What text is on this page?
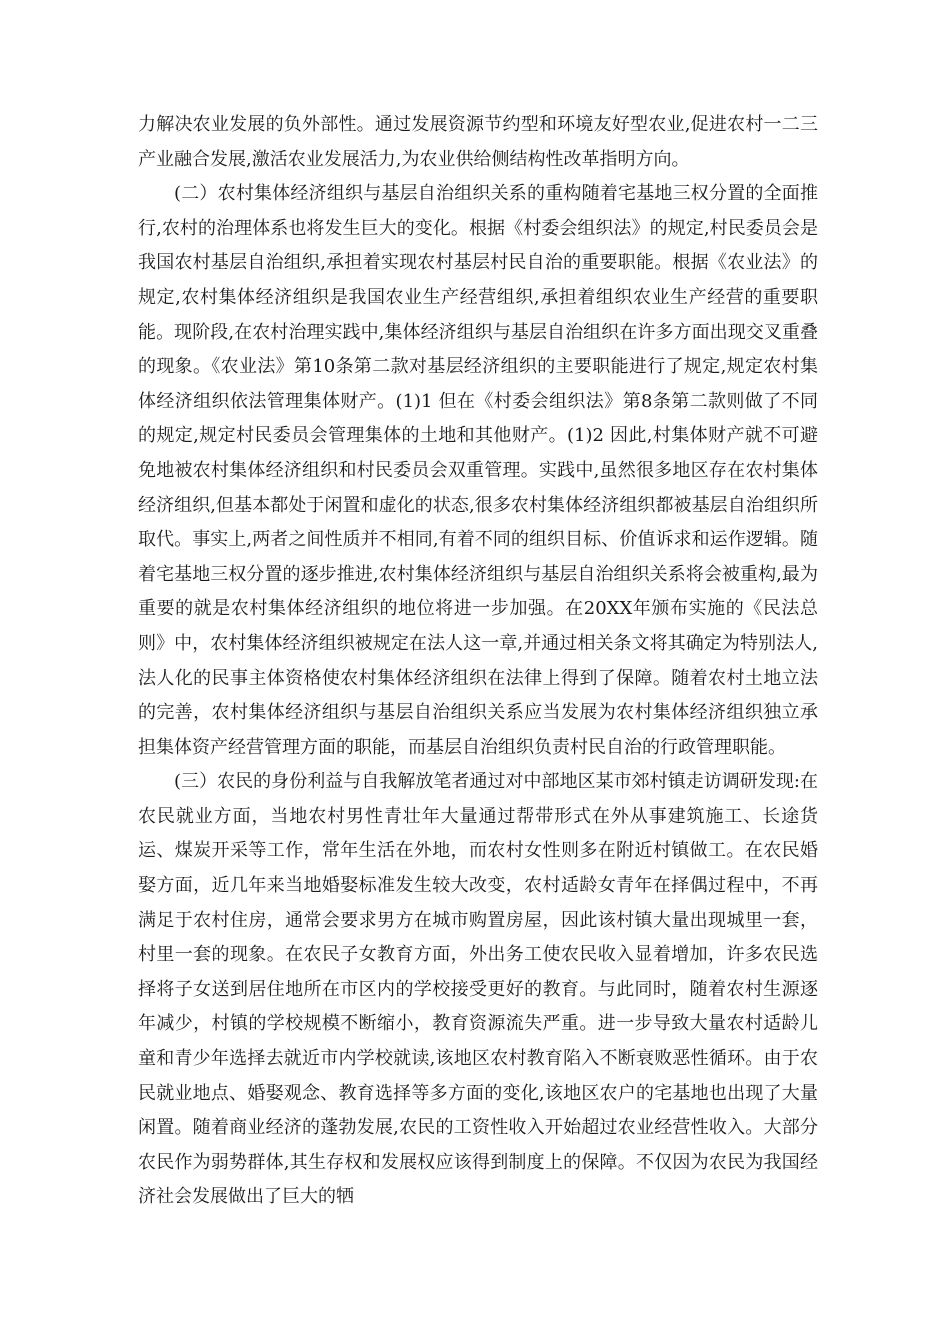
力解决农业发展的负外部性。通过发展资源节约型和环境友好型农业,促进农村一二三产业融合发展,激活农业发展活力,为农业供给侧结构性改革指明方向。

(二）农村集体经济组织与基层自治组织关系的重构随着宅基地三权分置的全面推行,农村的治理体系也将发生巨大的变化。根据《村委会组织法》的规定,村民委员会是我国农村基层自治组织,承担着实现农村基层村民自治的重要职能。根据《农业法》的规定,农村集体经济组织是我国农业生产经营组织,承担着组织农业生产经营的重要职能。现阶段,在农村治理实践中,集体经济组织与基层自治组织在许多方面出现交叉重叠的现象。《农业法》第10条第二款对基层经济组织的主要职能进行了规定,规定农村集体经济组织依法管理集体财产。(1)1 但在《村委会组织法》第8条第二款则做了不同的规定,规定村民委员会管理集体的土地和其他财产。(1)2 因此,村集体财产就不可避免地被农村集体经济组织和村民委员会双重管理。实践中,虽然很多地区存在农村集体经济组织,但基本都处于闲置和虚化的状态,很多农村集体经济组织都被基层自治组织所取代。事实上,两者之间性质并不相同,有着不同的组织目标、价值诉求和运作逻辑。随着宅基地三权分置的逐步推进,农村集体经济组织与基层自治组织关系将会被重构,最为重要的就是农村集体经济组织的地位将进一步加强。在20XX年颁布实施的《民法总则》中，农村集体经济组织被规定在法人这一章,并通过相关条文将其确定为特别法人,法人化的民事主体资格使农村集体经济组织在法律上得到了保障。随着农村土地立法的完善，农村集体经济组织与基层自治组织关系应当发展为农村集体经济组织独立承担集体资产经营管理方面的职能，而基层自治组织负责村民自治的行政管理职能。

(三）农民的身份利益与自我解放笔者通过对中部地区某市郊村镇走访调研发现:在农民就业方面，当地农村男性青壮年大量通过帮带形式在外从事建筑施工、长途货运、煤炭开采等工作，常年生活在外地，而农村女性则多在附近村镇做工。在农民婚娶方面，近几年来当地婚娶标准发生较大改变，农村适龄女青年在择偶过程中，不再满足于农村住房，通常会要求男方在城市购置房屋，因此该村镇大量出现城里一套，村里一套的现象。在农民子女教育方面，外出务工使农民收入显着增加，许多农民选择将子女送到居住地所在市区内的学校接受更好的教育。与此同时，随着农村生源逐年减少，村镇的学校规模不断缩小，教育资源流失严重。进一步导致大量农村适龄儿童和青少年选择去就近市内学校就读,该地区农村教育陷入不断衰败恶性循环。由于农民就业地点、婚娶观念、教育选择等多方面的变化,该地区农户的宅基地也出现了大量闲置。随着商业经济的蓬勃发展,农民的工资性收入开始超过农业经营性收入。大部分农民作为弱势群体,其生存权和发展权应该得到制度上的保障。不仅因为农民为我国经济社会发展做出了巨大的牺
